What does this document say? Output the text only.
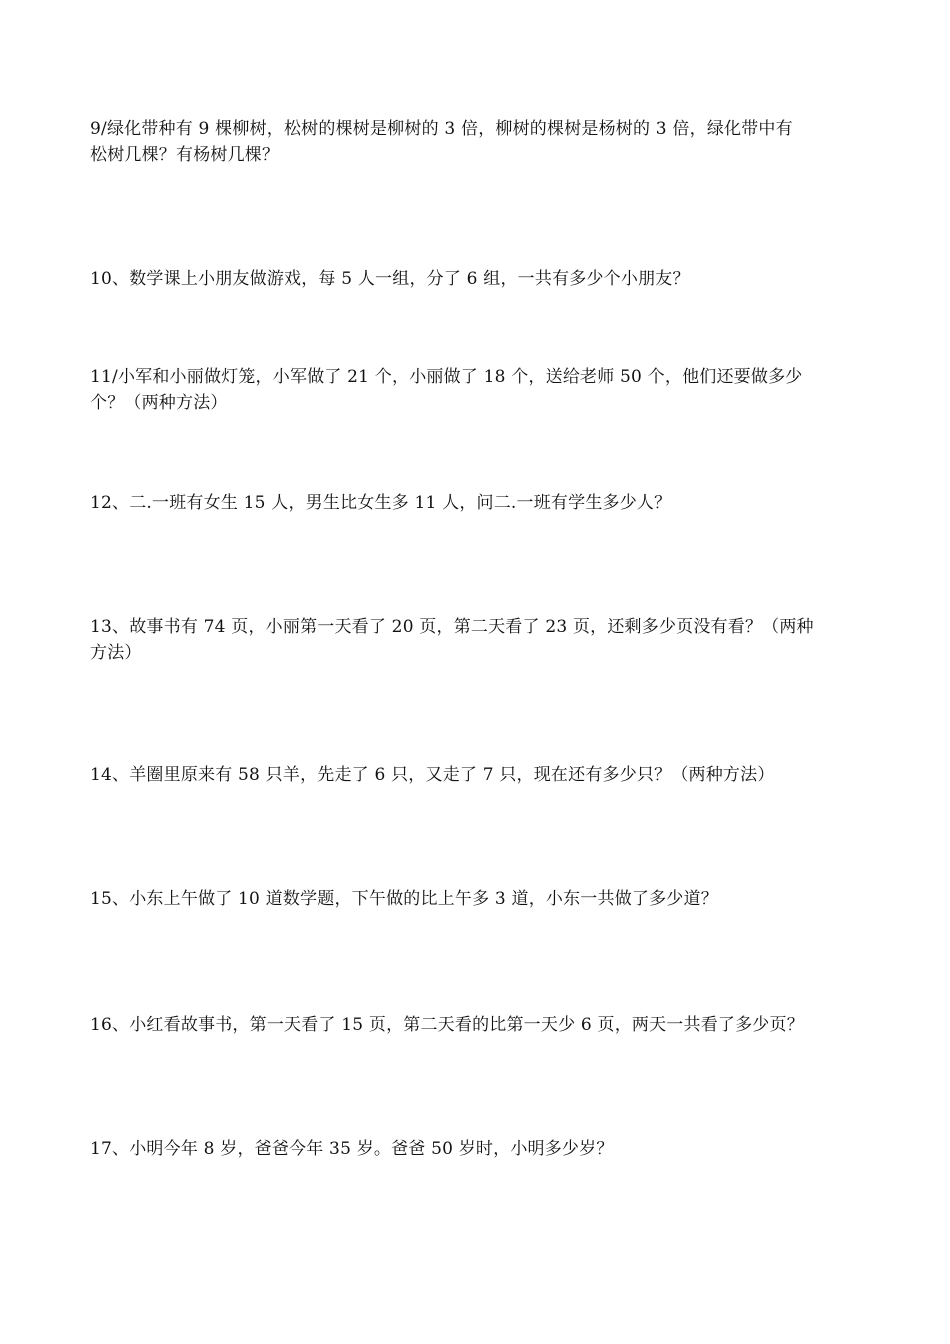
9/绿化带种有 9 棵柳树，松树的棵树是柳树的 3 倍，柳树的棵树是杨树的 3 倍，绿化带中有
松树几棵？有杨树几棵？
10、数学课上小朋友做游戏，每 5 人一组，分了 6 组，一共有多少个小朋友？
11/小军和小丽做灯笼，小军做了 21 个，小丽做了 18 个，送给老师 50 个，他们还要做多少
个？（两种方法）
12、二.一班有女生 15 人，男生比女生多 11 人，问二.一班有学生多少人？
13、故事书有 74 页，小丽第一天看了 20 页，第二天看了 23 页，还剩多少页没有看？（两种
方法）
14、羊圈里原来有 58 只羊，先走了 6 只，又走了 7 只，现在还有多少只？（两种方法）
15、小东上午做了 10 道数学题，下午做的比上午多 3 道，小东一共做了多少道？
16、小红看故事书，第一天看了 15 页，第二天看的比第一天少 6 页，两天一共看了多少页？
17、小明今年 8 岁，爸爸今年 35 岁。爸爸 50 岁时，小明多少岁？
